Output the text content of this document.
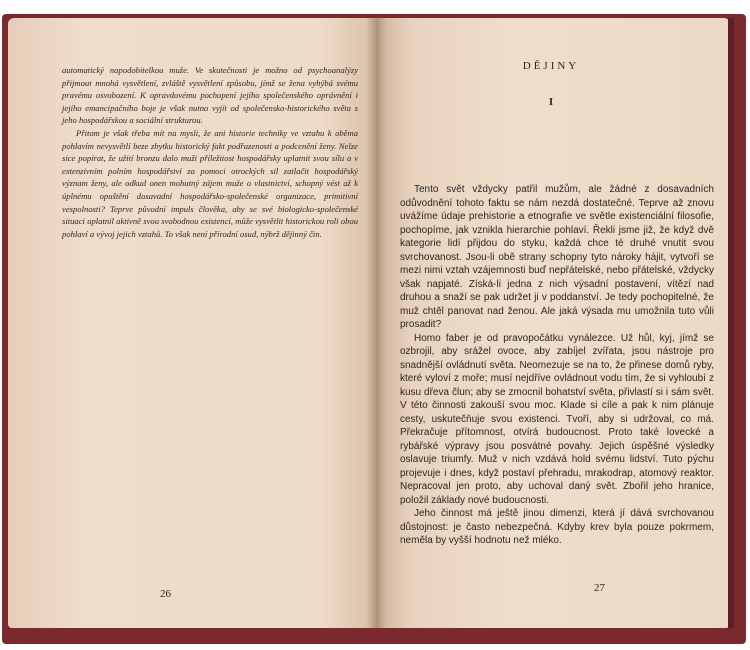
automatický napodobitelkou muže. Ve skutečnosti je možno od psychoanalýzy přijmout mnohá vysvětlení, zvláště vysvětlení způsobu, jímž se žena vyhýbá svému pravému osvobození. K opravdovému pochopení jejího společenského oprávnění i jejího emancipačního boje je však nutno vyjít od společensko-historického světa s jeho hospodářskou a sociální strukturou.

Přitom je však třeba mít na mysli, že ani historie techniky ve vztahu k oběma pohlavím nevysvětlí beze zbytku historický fakt podřazenosti a podcenění ženy. Nelze sice popírat, že užití bronzu dalo muži příležitost hospodářsky uplatnit svou sílu a v extenzivním polním hospodářství za pomoci otrockých sil zatlačit hospodářský význam ženy, ale odkud onen mohutný zájem muže o vlastnictví, schopný vést až k úplnému opuštění dosavadní hospodářsko-společenské organizace, primitivní vespolnosti? Teprve původní impuls člověka, aby se své biologicko-společenské situaci uplatnil aktivně svou svobodnou existencí, může vysvětlit historickou roli obou pohlaví a vývoj jejich vztahů. To však není přírodní osud, nýbrž dějinný čin.

26
DĚJINY
I

Tento svět vždycky patřil mužům, ale žádné z dosavadních odůvodnění tohoto faktu se nám nezdá dostatečné. Teprve až znovu uvážíme údaje prehistorie a etnografie ve světle existenciální filosofie, pochopíme, jak vznikla hierarchie pohlaví. Řekli jsme již, že když dvě kategorie lidí přijdou do styku, každá chce té druhé vnutit svou svrchovanost. Jsou-li obě strany schopny tyto nároky hájit, vytvoří se mezi nimi vztah vzájemnosti buď nepřátelské, nebo přátelské, vždycky však napjaté. Získá-li jedna z nich výsadní postavení, vítězí nad druhou a snaží se pak udržet ji v poddanství. Je tedy pochopitelné, že muž chtěl panovat nad ženou. Ale jaká výsada mu umožnila tuto vůli prosadit?

Homo faber je od pravopočátku vynálezce. Už hůl, kyj, jímž se ozbrojil, aby srážel ovoce, aby zabíjel zvířata, jsou nástroje pro snadnější ovládnutí světa. Neomezuje se na to, že přinese domů ryby, které vyloví z moře; musí nejdříve ovládnout vodu tím, že si vyhloubí z kusu dřeva člun; aby se zmocnil bohatství světa, přivlastí si i sám svět. V této činnosti zakouší svou moc. Klade si cíle a pak k nim plánuje cesty, uskutečňuje svou existenci. Tvoří, aby si udržoval, co má. Překračuje přítomnost, otvírá budoucnost. Proto také lovecké a rybářské výpravy jsou posvátné povahy. Jejich úspěšné výsledky oslavuje triumfy. Muž v nich vzdává hold svému lidství. Tuto pýchu projevuje i dnes, když postaví přehradu, mrakodrap, atomový reaktor. Nepracoval jen proto, aby uchoval daný svět. Zbořil jeho hranice, položil základy nové budoucnosti.

Jeho činnost má ještě jinou dimenzi, která jí dává svrchovanou důstojnost: je často nebezpečná. Kdyby krev byla pouze pokrmem, neměla by vyšší hodnotu než mléko.

27
